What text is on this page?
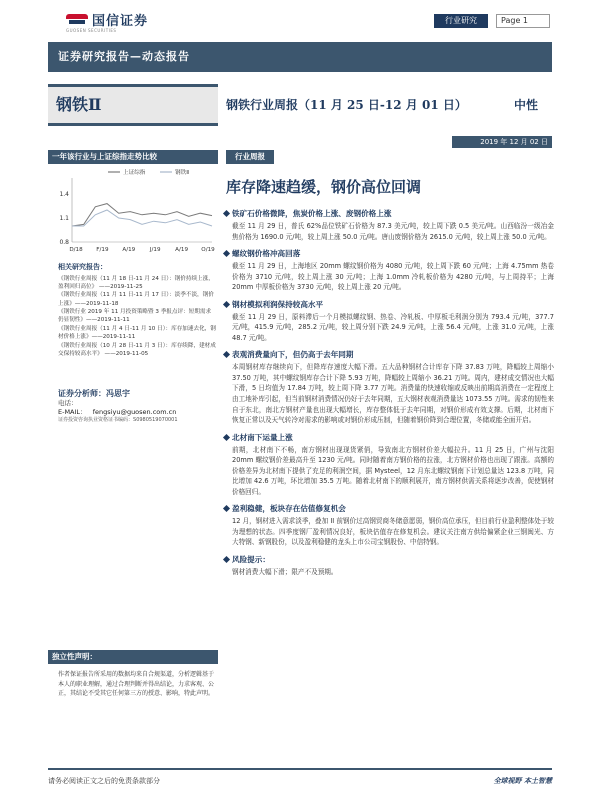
国信证券
GUOSEN SECURITIES
行业研究	Page 1
证券研究报告—动态报告
钢铁Ⅱ	钢铁行业周报（11 月 25 日-12 月 01 日）	中性
2019 年 12 月 02 日
一年该行业与上证综指走势比较
0.8
1.1
1.4
D/18 F/19 A/19	J/19	A/19 O/19
上证综指	钢铁Ⅱ
相关研究报告：

《钢铁行业周报（11 月 18 日-11 月 24 日）：钢价持续上涨，盈利回归高位》 ——2019-11-25

《钢铁行业周报（11 月 11 日-11 月 17 日）：淡季不淡，钢价上涨》——2019-11-18

《钢铁行业 2019 年 11 月投资策略暨 3 季报点评：短期需求仍显韧性》——2019-11-11

《钢铁行业周报（11 月 4 日-11 月 10 日）：库存加速去化，钢材价格上涨》——2019-11-11

《钢铁行业周报（10 月 28 日-11 月 3 日）：库存续降，建材成交保持较高水平》 ——2019-11-05

证券分析师：冯思宇
电话：
E-MAIL： fengsiyu@guosen.com.cn
证券投资咨询执业资格证书编码：S0980519070001
独立性声明：
作者保证报告所采用的数据均来自合规渠道，分析逻辑基于本人的职业理解，通过合理判断并得出结论，力求客观、公正，其结论不受其它任何第三方的授意、影响，特此声明。
行业周报
库存降速趋缓，钢价高位回调
铁矿石价格微降，焦炭价格上涨、废钢价格上涨

截至 11 月 29 日，普氏 62%品位铁矿石价格为 87.3 美元/吨，较上周下跌 0.5 美元/吨。山西临汾一级冶金焦价格为 1690.0 元/吨，较上周上涨 50.0 元/吨。唐山废钢价格为 2615.0 元/吨，较上周上涨 50.0 元/吨。

螺纹钢价格冲高回落

截至 11 月 29 日，上海地区 20mm 螺纹钢价格为 4080 元/吨，较上周下跌 60 元/吨；上海 4.75mm 热卷价格为 3710 元/吨，较上周上涨 30 元/吨；上海 1.0mm 冷轧板价格为 4280 元/吨，与上周持平；上海 20mm 中厚板价格为 3730 元/吨，较上周上涨 20 元/吨。

钢材模拟利润保持较高水平

截至 11 月 29 日，原料滞后一个月模拟螺纹钢、热卷、冷轧板、中厚板毛利润分别为 793.4 元/吨，377.7 元/吨，415.9 元/吨，285.2 元/吨，较上周分别下跌 24.9 元/吨，上涨 56.4 元/吨，上涨 31.0 元/吨，上涨 48.7 元/吨。

表观消费量向下，但仍高于去年同期

本周钢材库存继续向下，但降库存速度大幅下滑。五大品种钢材合计库存下降 37.83 万吨，降幅较上周缩小 37.50 万吨，其中螺纹钢库存合计下降 5.93 万吨，降幅较上周缩小 36.21 万吨。周内，建材成交情况也大幅下滑，5 日均值为 17.84 万吨，较上周下降 3.77 万吨。消费量的快速收缩或反映出前期高消费在一定程度上由工地补库引起，但当前钢材消费情况仍好于去年同期，五大钢材表观消费量达 1073.55 万吨。需求的韧性来自于东北，南北方钢材产量也出现大幅增长，库存整体低于去年同期，对钢价形成有效支撑。后期，北材南下恢复正常以及天气转冷对需求的影响或对钢价形成压制，但随着钢价降到合理位置，冬储或能全面开启。

北材南下运量上涨

前期，北材南下不畅，南方钢材出现现货紧俏，导致南北方钢材价差大幅拉升。11 月 25 日，广州与沈阳 20mm 螺纹钢价差最高升至 1230 元/吨。同时随着南方钢价格的拉涨，北方钢材价格也出现了跟涨。高额的价格差异为北材南下提供了充足的利润空间，据 Mysteel，12 月东北螺纹钢南下计划总量达 123.8 万吨，同比增加 42.6 万吨，环比增加 35.5 万吨。随着北材南下的顺利展开，南方钢材供需关系将逐步改善，促使钢材价格回归。

盈利稳健，板块存在估值修复机会

12 月，钢材进入需求淡季，叠加 II 前钢价过高钢贸商冬储意愿弱，钢价高位承压，但目前行业盈利整体处于较为理想的状态。四季度钢厂盈利情况良好，板块估值存在修复机会。建议关注南方供给偏紧企业三钢闽光、方大特钢、新钢股份，以及盈利稳健的龙头上市公司宝钢股份、中信特钢。

风险提示：

钢材消费大幅下滑；限产不及预期。

请务必阅读正文之后的免责条款部分	全球视野 本土智慧
